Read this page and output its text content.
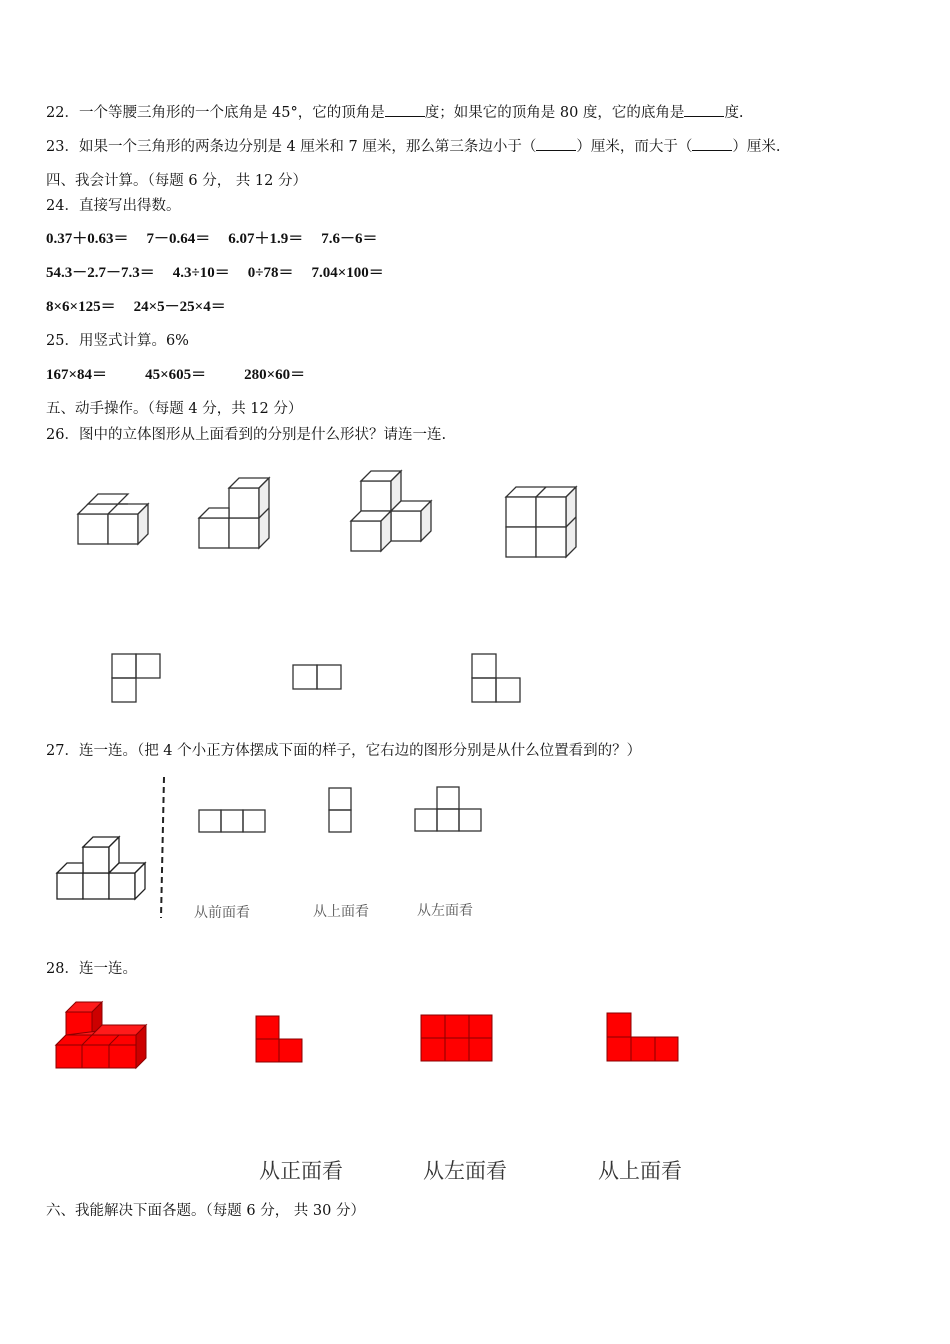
22．一个等腰三角形的一个底角是 45°，它的顶角是	度；如果它的顶角是 80 度，它的底角是	度.
23．如果一个三角形的两条边分别是 4 厘米和 7 厘米，那么第三条边小于（	）厘米，而大于（	）厘米.
四、我会计算。（每题 6 分， 共 12 分）
24．直接写出得数。
0.37＋0.63＝ 7－0.64＝ 6.07＋1.9＝ 7.6－6＝
54.3－2.7－7.3＝ 4.3÷10＝ 0÷78＝ 7.04×100＝
8×6×125＝ 24×5－25×4＝
25．用竖式计算。6%
167×84＝	45×605＝	280×60＝
五、动手操作。（每题 4 分，共 12 分）
26．图中的立体图形从上面看到的分别是什么形状？请连一连.
27．连一连。（把 4 个小正方体摆成下面的样子，它右边的图形分别是从什么位置看到的？）
从前面看	从上面看	从左面看
28．连一连。
从正面看	从左面看	从上面看
六、我能解决下面各题。（每题 6 分， 共 30 分）
